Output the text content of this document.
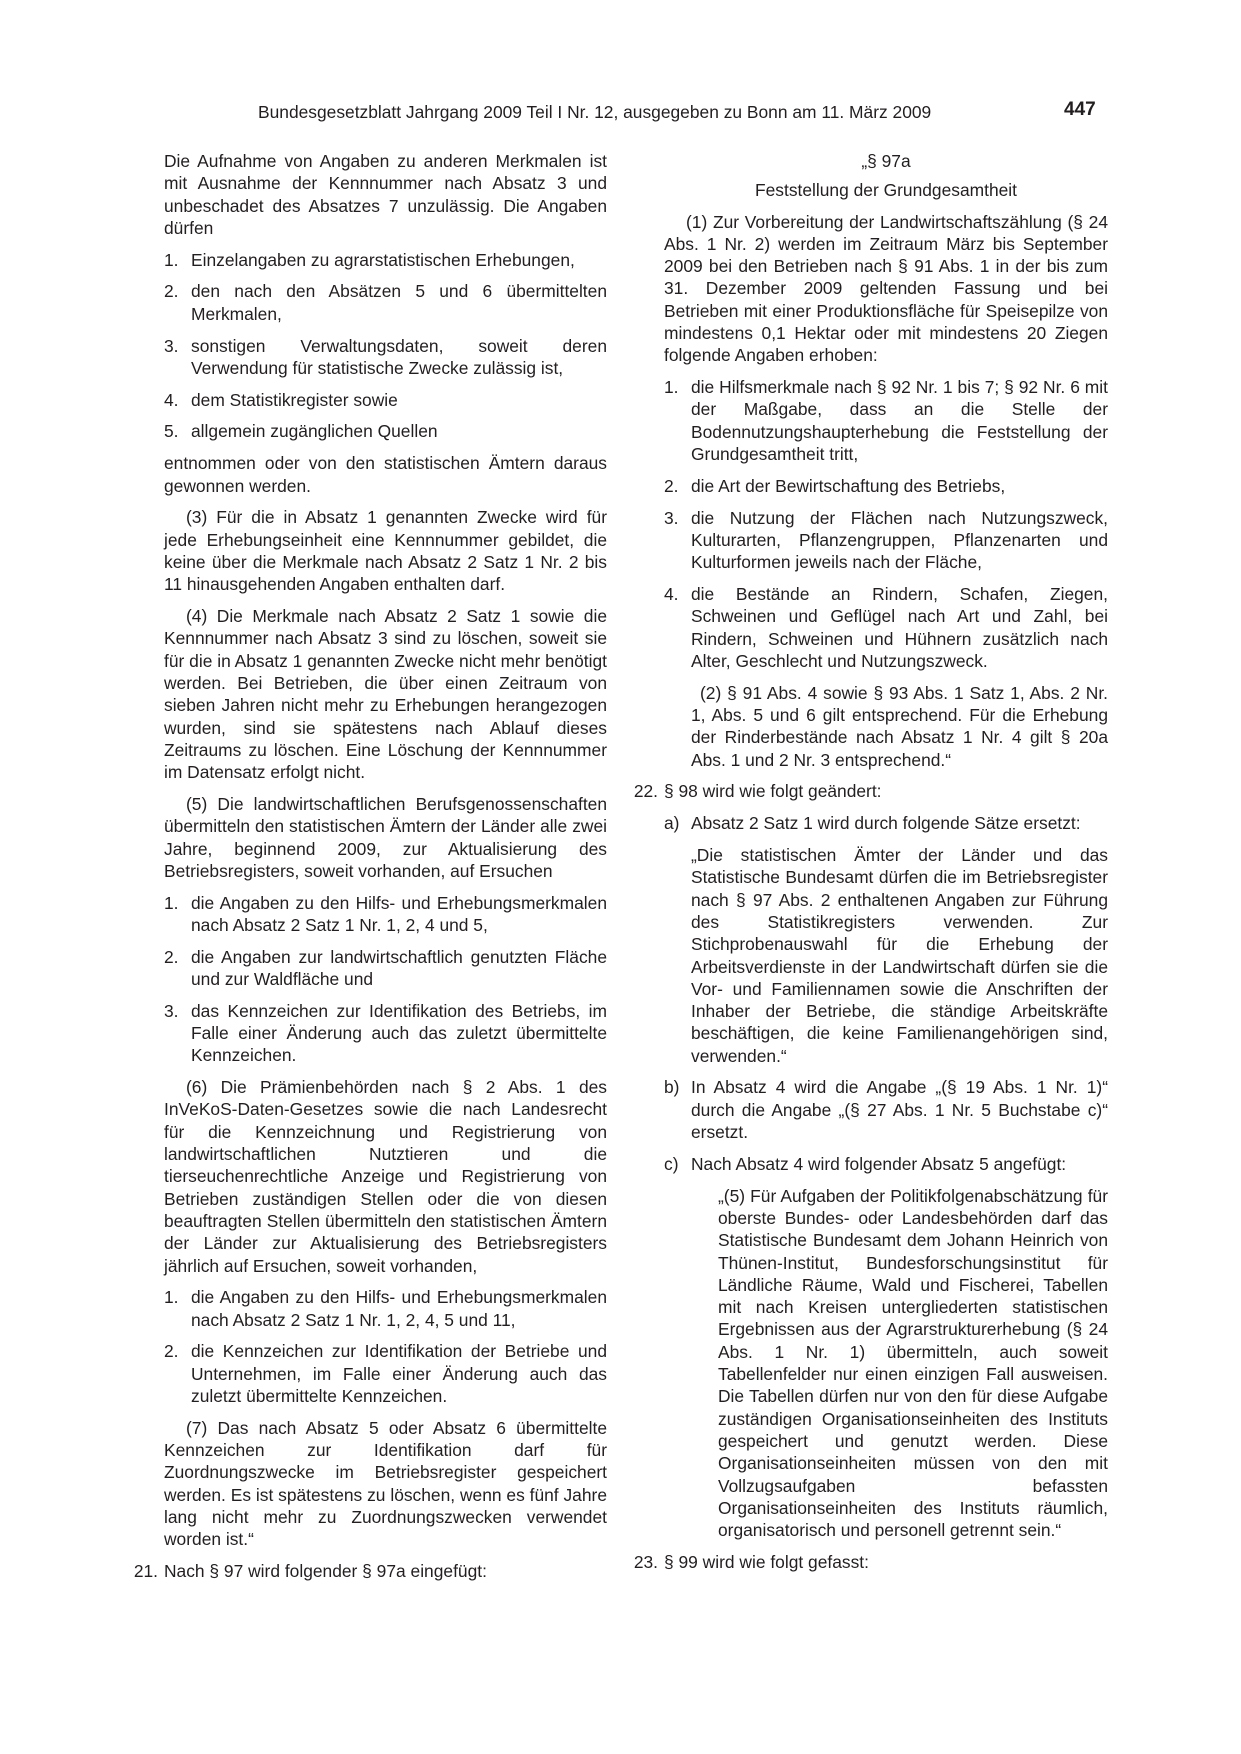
Bundesgesetzblatt Jahrgang 2009 Teil I Nr. 12, ausgegeben zu Bonn am 11. März 2009	447

Die Aufnahme von Angaben zu anderen Merkmalen ist mit Ausnahme der Kennnummer nach Absatz 3 und unbeschadet des Absatzes 7 unzulässig. Die Angaben dürfen

1. Einzelangaben zu agrarstatistischen Erhebungen,
2. den nach den Absätzen 5 und 6 übermittelten Merkmalen,
3. sonstigen Verwaltungsdaten, soweit deren Verwendung für statistische Zwecke zulässig ist,
4. dem Statistikregister sowie
5. allgemein zugänglichen Quellen

entnommen oder von den statistischen Ämtern daraus gewonnen werden.

(3) Für die in Absatz 1 genannten Zwecke wird für jede Erhebungseinheit eine Kennnummer gebildet, die keine über die Merkmale nach Absatz 2 Satz 1 Nr. 2 bis 11 hinausgehenden Angaben enthalten darf.

(4) Die Merkmale nach Absatz 2 Satz 1 sowie die Kennnummer nach Absatz 3 sind zu löschen, soweit sie für die in Absatz 1 genannten Zwecke nicht mehr benötigt werden. Bei Betrieben, die über einen Zeitraum von sieben Jahren nicht mehr zu Erhebungen herangezogen wurden, sind sie spätestens nach Ablauf dieses Zeitraums zu löschen. Eine Löschung der Kennnummer im Datensatz erfolgt nicht.

(5) Die landwirtschaftlichen Berufsgenossenschaften übermitteln den statistischen Ämtern der Länder alle zwei Jahre, beginnend 2009, zur Aktualisierung des Betriebsregisters, soweit vorhanden, auf Ersuchen

1. die Angaben zu den Hilfs- und Erhebungsmerkmalen nach Absatz 2 Satz 1 Nr. 1, 2, 4 und 5,
2. die Angaben zur landwirtschaftlich genutzten Fläche und zur Waldfläche und
3. das Kennzeichen zur Identifikation des Betriebs, im Falle einer Änderung auch das zuletzt übermittelte Kennzeichen.

(6) Die Prämienbehörden nach § 2 Abs. 1 des InVeKoS-Daten-Gesetzes sowie die nach Landesrecht für die Kennzeichnung und Registrierung von landwirtschaftlichen Nutztieren und die tierseuchenrechtliche Anzeige und Registrierung von Betrieben zuständigen Stellen oder die von diesen beauftragten Stellen übermitteln den statistischen Ämtern der Länder zur Aktualisierung des Betriebsregisters jährlich auf Ersuchen, soweit vorhanden,

1. die Angaben zu den Hilfs- und Erhebungsmerkmalen nach Absatz 2 Satz 1 Nr. 1, 2, 4, 5 und 11,
2. die Kennzeichen zur Identifikation der Betriebe und Unternehmen, im Falle einer Änderung auch das zuletzt übermittelte Kennzeichen.

(7) Das nach Absatz 5 oder Absatz 6 übermittelte Kennzeichen zur Identifikation darf für Zuordnungszwecke im Betriebsregister gespeichert werden. Es ist spätestens zu löschen, wenn es fünf Jahre lang nicht mehr zu Zuordnungszwecken verwendet worden ist.“

21. Nach § 97 wird folgender § 97a eingefügt:

„§ 97a

Feststellung der Grundgesamtheit

(1) Zur Vorbereitung der Landwirtschaftszählung (§ 24 Abs. 1 Nr. 2) werden im Zeitraum März bis September 2009 bei den Betrieben nach § 91 Abs. 1 in der bis zum 31. Dezember 2009 geltenden Fassung und bei Betrieben mit einer Produktionsfläche für Speisepilze von mindestens 0,1 Hektar oder mit mindestens 20 Ziegen folgende Angaben erhoben:

1. die Hilfsmerkmale nach § 92 Nr. 1 bis 7; § 92 Nr. 6 mit der Maßgabe, dass an die Stelle der Bodennutzungshaupterhebung die Feststellung der Grundgesamtheit tritt,
2. die Art der Bewirtschaftung des Betriebs,
3. die Nutzung der Flächen nach Nutzungszweck, Kulturarten, Pflanzengruppen, Pflanzenarten und Kulturformen jeweils nach der Fläche,
4. die Bestände an Rindern, Schafen, Ziegen, Schweinen und Geflügel nach Art und Zahl, bei Rindern, Schweinen und Hühnern zusätzlich nach Alter, Geschlecht und Nutzungszweck.

(2) § 91 Abs. 4 sowie § 93 Abs. 1 Satz 1, Abs. 2 Nr. 1, Abs. 5 und 6 gilt entsprechend. Für die Erhebung der Rinderbestände nach Absatz 1 Nr. 4 gilt § 20a Abs. 1 und 2 Nr. 3 entsprechend.“

22. § 98 wird wie folgt geändert:
a) Absatz 2 Satz 1 wird durch folgende Sätze ersetzt:

„Die statistischen Ämter der Länder und das Statistische Bundesamt dürfen die im Betriebsregister nach § 97 Abs. 2 enthaltenen Angaben zur Führung des Statistikregisters verwenden. Zur Stichprobenauswahl für die Erhebung der Arbeitsverdienste in der Landwirtschaft dürfen sie die Vor- und Familiennamen sowie die Anschriften der Inhaber der Betriebe, die ständige Arbeitskräfte beschäftigen, die keine Familienangehörigen sind, verwenden.“

b) In Absatz 4 wird die Angabe „(§ 19 Abs. 1 Nr. 1)“ durch die Angabe „(§ 27 Abs. 1 Nr. 5 Buchstabe c)“ ersetzt.
c) Nach Absatz 4 wird folgender Absatz 5 angefügt:

„(5) Für Aufgaben der Politikfolgenabschätzung für oberste Bundes- oder Landesbehörden darf das Statistische Bundesamt dem Johann Heinrich von Thünen-Institut, Bundesforschungsinstitut für Ländliche Räume, Wald und Fischerei, Tabellen mit nach Kreisen untergliederten statistischen Ergebnissen aus der Agrarstrukturerhebung (§ 24 Abs. 1 Nr. 1) übermitteln, auch soweit Tabellenfelder nur einen einzigen Fall ausweisen. Die Tabellen dürfen nur von den für diese Aufgabe zuständigen Organisationseinheiten des Instituts gespeichert und genutzt werden. Diese Organisationseinheiten müssen von den mit Vollzugsaufgaben befassten Organisationseinheiten des Instituts räumlich, organisatorisch und personell getrennt sein.“

23. § 99 wird wie folgt gefasst:
